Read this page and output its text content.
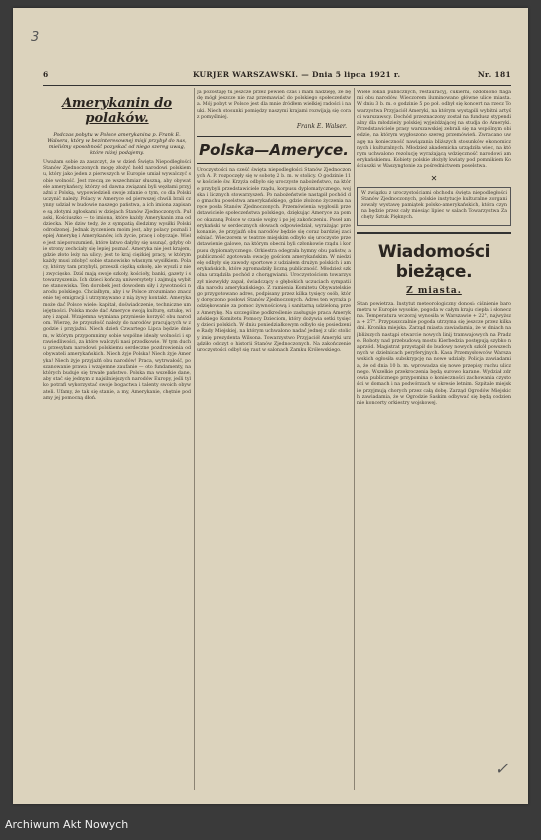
3
6	KURJER WARSZAWSKI. — Dnia 5 lipca 1921 r.	Nr. 181
Amerykanin do polaków.
Podczas pobytu w Polsce amerykanina p. Frank E. Walsera, który w bezinteresownej misji przybył do nas, mieliśmy sposobność pozyskać od niego szereg uwag, które niżej podajemy.
Uważam sobie za zaszczyt, że w dzień Święta Niepodległości Stanów Zjednoczonych mogę złożyć hołd narodowi polskiemu, który jako jeden z pierwszych w Europie umiał wywalczyć sobie wolność. Jest rzeczą ze wszechmiar słuszną, aby obywatele amerykańscy, którzy od dawna związani byli węzłami przyjaźni z Polską, wypowiedzieli swoje zdanie o tym, co dla Polski uczynić należy. Polacy w Ameryce od pierwszej chwili brali czynny udział w budowie naszego państwa, a ich imiona zapisane są złotymi zgłoskami w dziejach Stanów Zjednoczonych. Pułaski, Kościuszko — to imiona, które każdy Amerykanin zna od dziecka. Nie dziw tedy, że z sympatią śledzimy wysiłki Polski odrodzonej. Jednak życzeniem moim jest, aby polacy poznali lepiej Amerykę i Amerykanów, ich życie, pracę i obyczaje. Wiele jest nieporozumień, które łatwo dałyby się usunąć, gdyby obie strony zechciały się lepiej poznać. Ameryka nie jest krajem, gdzie złoto leży na ulicy; jest to kraj ciężkiej pracy, w którym każdy musi zdobyć sobie stanowisko własnym wysiłkiem. Polacy, którzy tam przybyli, przeszli ciężką szkołę, ale wyszli z niej zwycięsko. Dziś mają swoje szkoły, kościoły, banki, gazety i stowarzyszenia. Ich dzieci kończą uniwersytety i zajmują wybitne stanowiska. Ten dorobek jest dowodem siły i żywotności narodu polskiego. Chciałbym, aby i w Polsce zrozumiano znaczenie tej emigracji i utrzymywano z nią żywy kontakt. Ameryka może dać Polsce wiele: kapitał, doświadczenie, techniczne umiejętności. Polska może dać Ameryce swoją kulturę, sztukę, wiarę i zapał. Wzajemna wymiana przyniesie korzyść obu narodom. Wierzę, że przyszłość należy do narodów pracujących w zgodzie i przyjaźni. Niech dzień Czwartego Lipca będzie dniem, w którym przypomnimy sobie wspólne ideały wolności i sprawiedliwości, za które walczyli nasi przodkowie. W tym duchu przesyłam narodowi polskiemu serdeczne pozdrowienia od obywateli amerykańskich. Niech żyje Polska! Niech żyje Ameryka! Niech żyje przyjaźń obu narodów! Praca, wytrwałość, poszanowanie prawa i wzajemne zaufanie — oto fundamenty, na których buduje się trwałe państwo. Polska ma wszelkie dane, aby stać się jednym z najsilniejszych narodów Europy, jeśli tylko potrafi wykorzystać swoje bogactwa i talenty swoich obywateli. Ufamy, że tak się stanie, a my, Amerykanie, chętnie podamy jej pomocną dłoń.
Ja pozostaję tu jeszcze przez pewien czas i mam nadzieję, że będę mógł jeszcze nie raz przemawiać do polskiego społeczeństwa. Mój pobyt w Polsce jest dla mnie źródłem wielkiej radości i nauki. Niech stosunki pomiędzy naszymi krajami rozwijają się coraz pomyślniej.
Frank E. Walser.
Polska—Ameryce.
Uroczystości na cześć święta niepodległości Stanów Zjednoczonych A. P. rozpoczęły się w sobotę 2 b. m. w stolicy. O godzinie 11 w kościele św. Krzyża odbyło się uroczyste nabożeństwo, na które przybyli przedstawiciele rządu, korpusu dyplomatycznego, wojska i licznych stowarzyszeń. Po nabożeństwie nastąpił pochód do gmachu poselstwa amerykańskiego, gdzie złożono życzenia na ręce posła Stanów Zjednoczonych. Przemówienia wygłosili przedstawiciele społeczeństwa polskiego, dziękując Ameryce za pomoc okazaną Polsce w czasie wojny i po jej zakończeniu. Poseł amerykański w serdecznych słowach odpowiedział, wyrażając przekonanie, że przyjaźń obu narodów będzie się coraz bardziej zacieśniać. Wieczorem w teatrze miejskim odbyło się uroczyste przedstawienie galowe, na którym obecni byli członkowie rządu i korpusu dyplomatycznego. Orkiestra odegrała hymny obu państw, a publiczność zgotowała owację gościom amerykańskim. W niedzielę odbyły się zawody sportowe z udziałem drużyn polskich i amerykańskich, które zgromadziły liczną publiczność. Młodzież szkolna urządziła pochód z chorągwiami. Uroczystościom towarzyszył niezwykły zapał, świadczący o głębokich uczuciach sympatii dla narodu amerykańskiego. Z ramienia Komitetu Obywatelskiego przygotowano adres, podpisany przez kilka tysięcy osób, który doręczono posłowi Stanów Zjednoczonych. Adres ten wyraża podziękowanie za pomoc żywnościową i sanitarną udzieloną przez Amerykę. Na szczególne podkreślenie zasługuje praca Amerykańskiego Komitetu Pomocy Dzieciom, który dożywia setki tysięcy dzieci polskich. W dniu poniedziałkowym odbyło się posiedzenie Rady Miejskiej, na którym uchwalono nadać jednej z ulic stolicy imię prezydenta Wilsona. Towarzystwo Przyjaciół Ameryki urządziło odczyt o historii Stanów Zjednoczonych. Na zakończenie uroczystości odbył się raut w salonach Zamku Królewskiego.
Wiele lokali publicznych, restauracyj, cukierni, ozdobiono flagami obu narodów. Wieczorem iluminowano główne ulice miasta. W dniu 3 b. m. o godzinie 5 po poł. odbył się koncert na rzecz Towarzystwa Przyjaciół Ameryki, na którym wystąpili wybitni artyści warszawscy. Dochód przeznaczony został na fundusz stypendialny dla młodzieży polskiej wyjeżdżającej na studja do Ameryki. Przedstawiciele prasy warszawskiej zebrali się na wspólnym obiedzie, na którym wygłoszono szereg przemówień. Zwracano uwagę na konieczność nawiązania bliższych stosunków ekonomicznych i kulturalnych. Młodzież akademicka urządziła wiec, na którym uchwalono rezolucję wyrażającą wdzięczność narodowi amerykańskiemu. Kobiety polskie złożyły kwiaty pod pomnikiem Kościuszki w Waszyngtonie za pośrednictwem poselstwa.
✕
W związku z uroczystościami obchodu święta niepodległości Stanów Zjednoczonych, polskie instytucje kulturalne zorganizowały wystawę pamiątek polsko-amerykańskich, która czynna będzie przez cały miesiąc lipiec w salach Towarzystwa Zachęty Sztuk Pięknych.
Wiadomości bieżące.
Z miasta.
Stan powietrza. Instytut meteorologiczny donosi: ciśnienie barometru w Europie wysokie, pogoda w całym kraju ciepła i słoneczna. Temperatura wczoraj wynosiła w Warszawie + 22°, najwyższa + 27°. Przypuszczalnie pogoda utrzyma się jeszcze przez kilka dni. Kronika miejska. Zarząd miasta zawiadamia, że w dniach najbliższych nastąpi otwarcie nowych linij tramwajowych na Pradze. Roboty nad przebudową mostu Kierbedzia postępują szybko naprzód. Magistrat przystąpił do budowy nowych szkół powszechnych w dzielnicach peryferyjnych. Kasa Przemysłowców Warszawskich ogłosiła subskrypcję na nowe udziały. Policja zawiadamia, że od dnia 10 b. m. wprowadza się nowe przepisy ruchu ulicznego. Wszelkie przekroczenia będą surowo karane. Wydział zdrowia publicznego przypomina o konieczności zachowania czystości w domach i na podwórzach w okresie letnim. Szpitale miejskie przyjmują chorych przez całą dobę. Zarząd Ogrodów Miejskich zawiadamia, że w Ogrodzie Saskim odbywać się będą codziennie koncerty orkiestry wojskowej.
✓
Archiwum Akt Nowych
